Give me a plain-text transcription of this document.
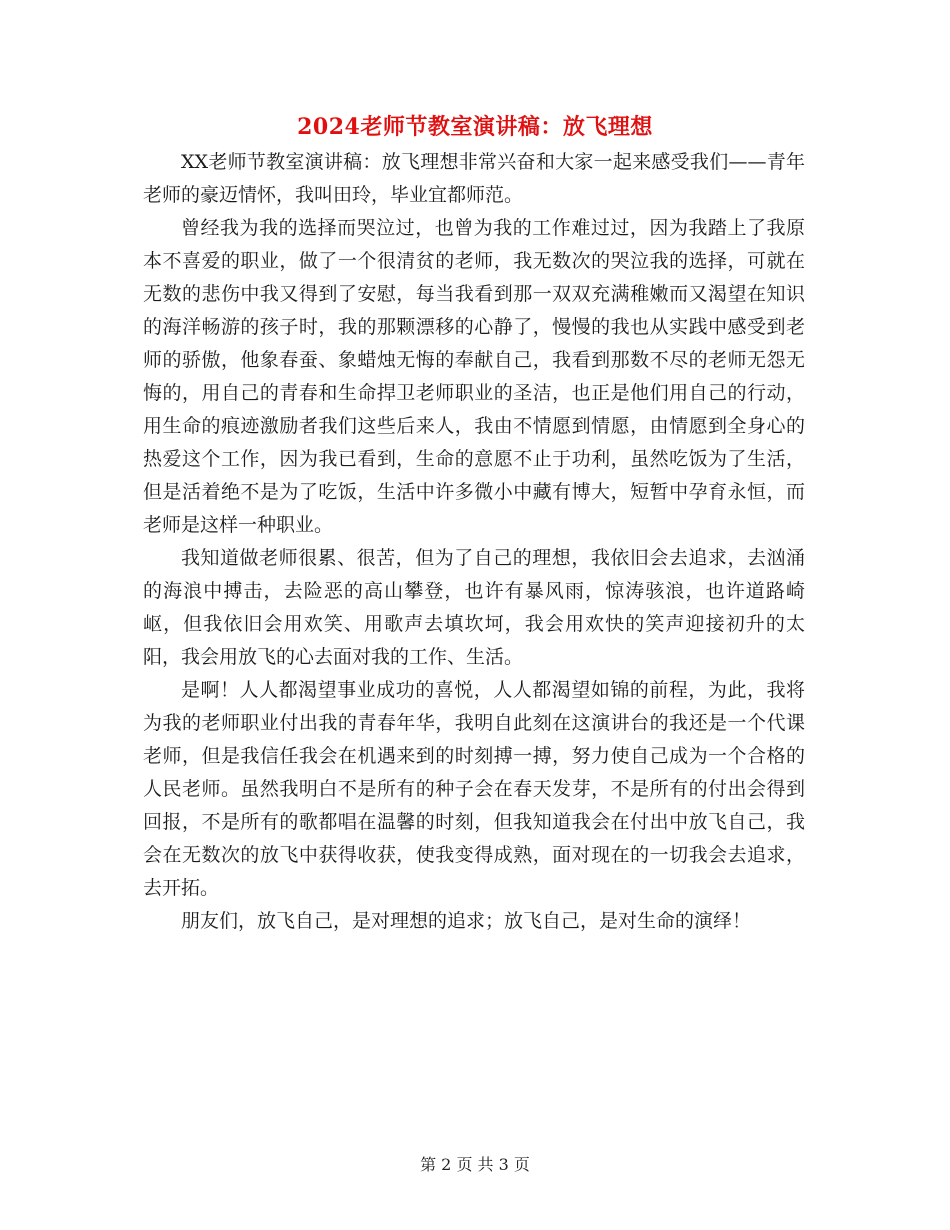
2024老师节教室演讲稿：放飞理想

XX老师节教室演讲稿：放飞理想非常兴奋和大家一起来感受我们——青年老师的豪迈情怀，我叫田玲，毕业宜都师范。

曾经我为我的选择而哭泣过，也曾为我的工作难过过，因为我踏上了我原本不喜爱的职业，做了一个很清贫的老师，我无数次的哭泣我的选择，可就在无数的悲伤中我又得到了安慰，每当我看到那一双双充满稚嫩而又渴望在知识的海洋畅游的孩子时，我的那颗漂移的心静了，慢慢的我也从实践中感受到老师的骄傲，他象春蚕、象蜡烛无悔的奉献自己，我看到那数不尽的老师无怨无悔的，用自己的青春和生命捍卫老师职业的圣洁，也正是他们用自己的行动，用生命的痕迹激励者我们这些后来人，我由不情愿到情愿，由情愿到全身心的热爱这个工作，因为我已看到，生命的意愿不止于功利，虽然吃饭为了生活，但是活着绝不是为了吃饭，生活中许多微小中藏有博大，短暂中孕育永恒，而老师是这样一种职业。

我知道做老师很累、很苦，但为了自己的理想，我依旧会去追求，去汹涌的海浪中搏击，去险恶的高山攀登，也许有暴风雨，惊涛骇浪，也许道路崎岖，但我依旧会用欢笑、用歌声去填坎坷，我会用欢快的笑声迎接初升的太阳，我会用放飞的心去面对我的工作、生活。

是啊！人人都渴望事业成功的喜悦，人人都渴望如锦的前程，为此，我将为我的老师职业付出我的青春年华，我明自此刻在这演讲台的我还是一个代课老师，但是我信任我会在机遇来到的时刻搏一搏，努力使自己成为一个合格的人民老师。虽然我明白不是所有的种子会在春天发芽，不是所有的付出会得到回报，不是所有的歌都唱在温馨的时刻，但我知道我会在付出中放飞自己，我会在无数次的放飞中获得收获，使我变得成熟，面对现在的一切我会去追求，去开拓。

朋友们，放飞自己，是对理想的追求；放飞自己，是对生命的演绎！

第 2 页 共 3 页
